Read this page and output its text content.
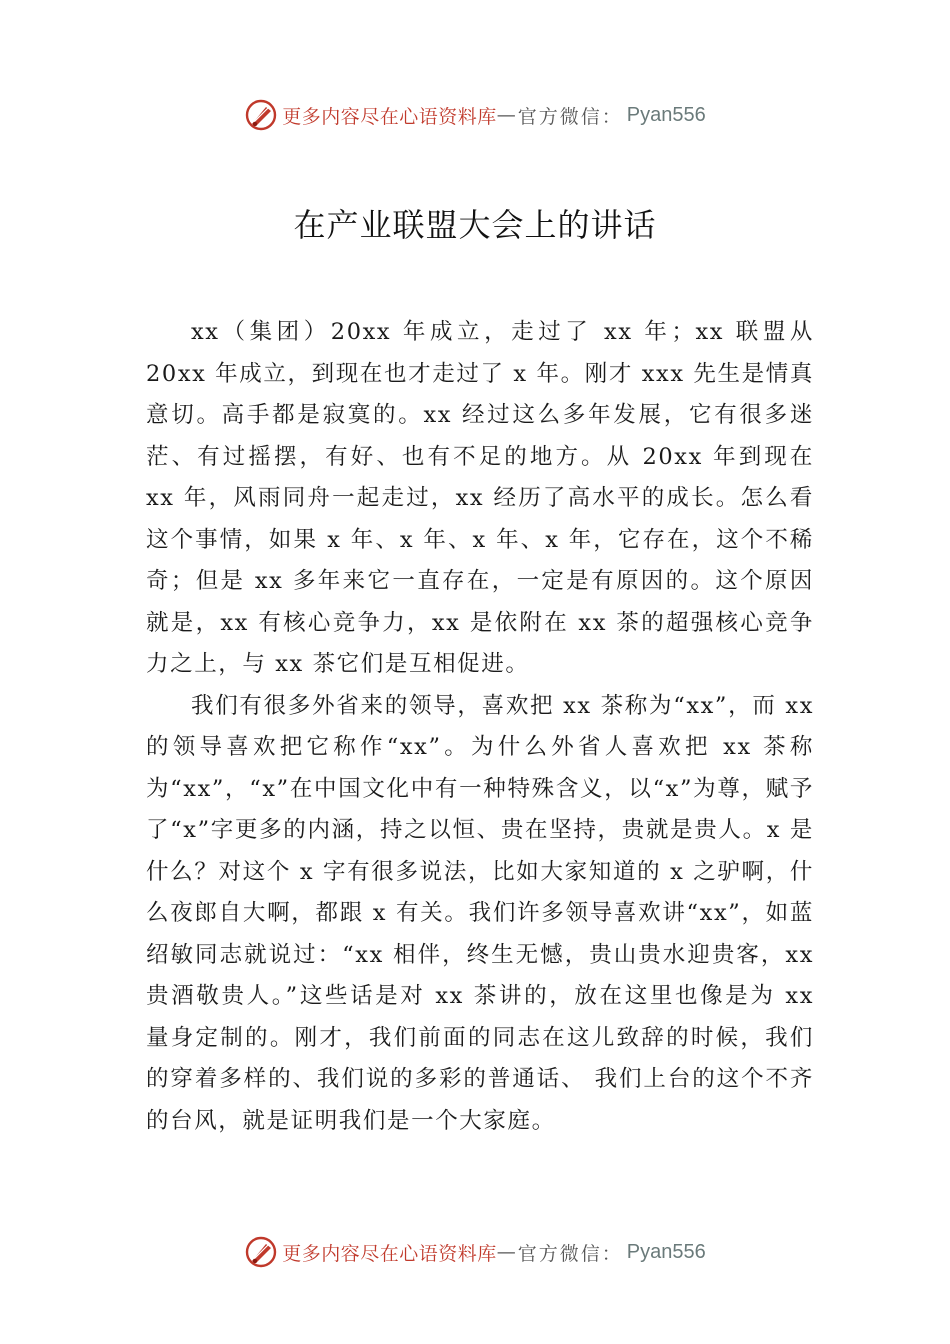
更多内容尽在心语资料库 — 官方微信： Pyan556
在产业联盟大会上的讲话

xx（集团）20xx 年成立，走过了 xx 年；xx 联盟从 20xx 年成立，到现在也才走过了 x 年。刚才 xxx 先生是情真意切。高手都是寂寞的。xx 经过这么多年发展，它有很多迷茫、有过摇摆，有好、也有不足的地方。从 20xx 年到现在 xx 年，风雨同舟一起走过，xx 经历了高水平的成长。怎么看这个事情，如果 x 年、x 年、x 年、x 年，它存在，这个不稀奇；但是 xx 多年来它一直存在，一定是有原因的。这个原因就是，xx 有核心竞争力，xx 是依附在 xx 茶的超强核心竞争力之上，与 xx 茶它们是互相促进。

我们有很多外省来的领导，喜欢把 xx 茶称为“xx”，而 xx 的领导喜欢把它称作“xx”。为什么外省人喜欢把 xx 茶称为“xx”，“x”在中国文化中有一种特殊含义，以“x”为尊，赋予了“x”字更多的内涵，持之以恒、贵在坚持，贵就是贵人。x 是什么？对这个 x 字有很多说法，比如大家知道的 x 之驴啊，什么夜郎自大啊，都跟 x 有关。我们许多领导喜欢讲“xx”，如蓝绍敏同志就说过：“xx 相伴，终生无憾，贵山贵水迎贵客，xx 贵酒敬贵人。”这些话是对 xx 茶讲的，放在这里也像是为 xx 量身定制的。刚才，我们前面的同志在这儿致辞的时候，我们的穿着多样的、我们说的多彩的普通话、 我们上台的这个不齐的台风，就是证明我们是一个大家庭。

更多内容尽在心语资料库 — 官方微信： Pyan556
